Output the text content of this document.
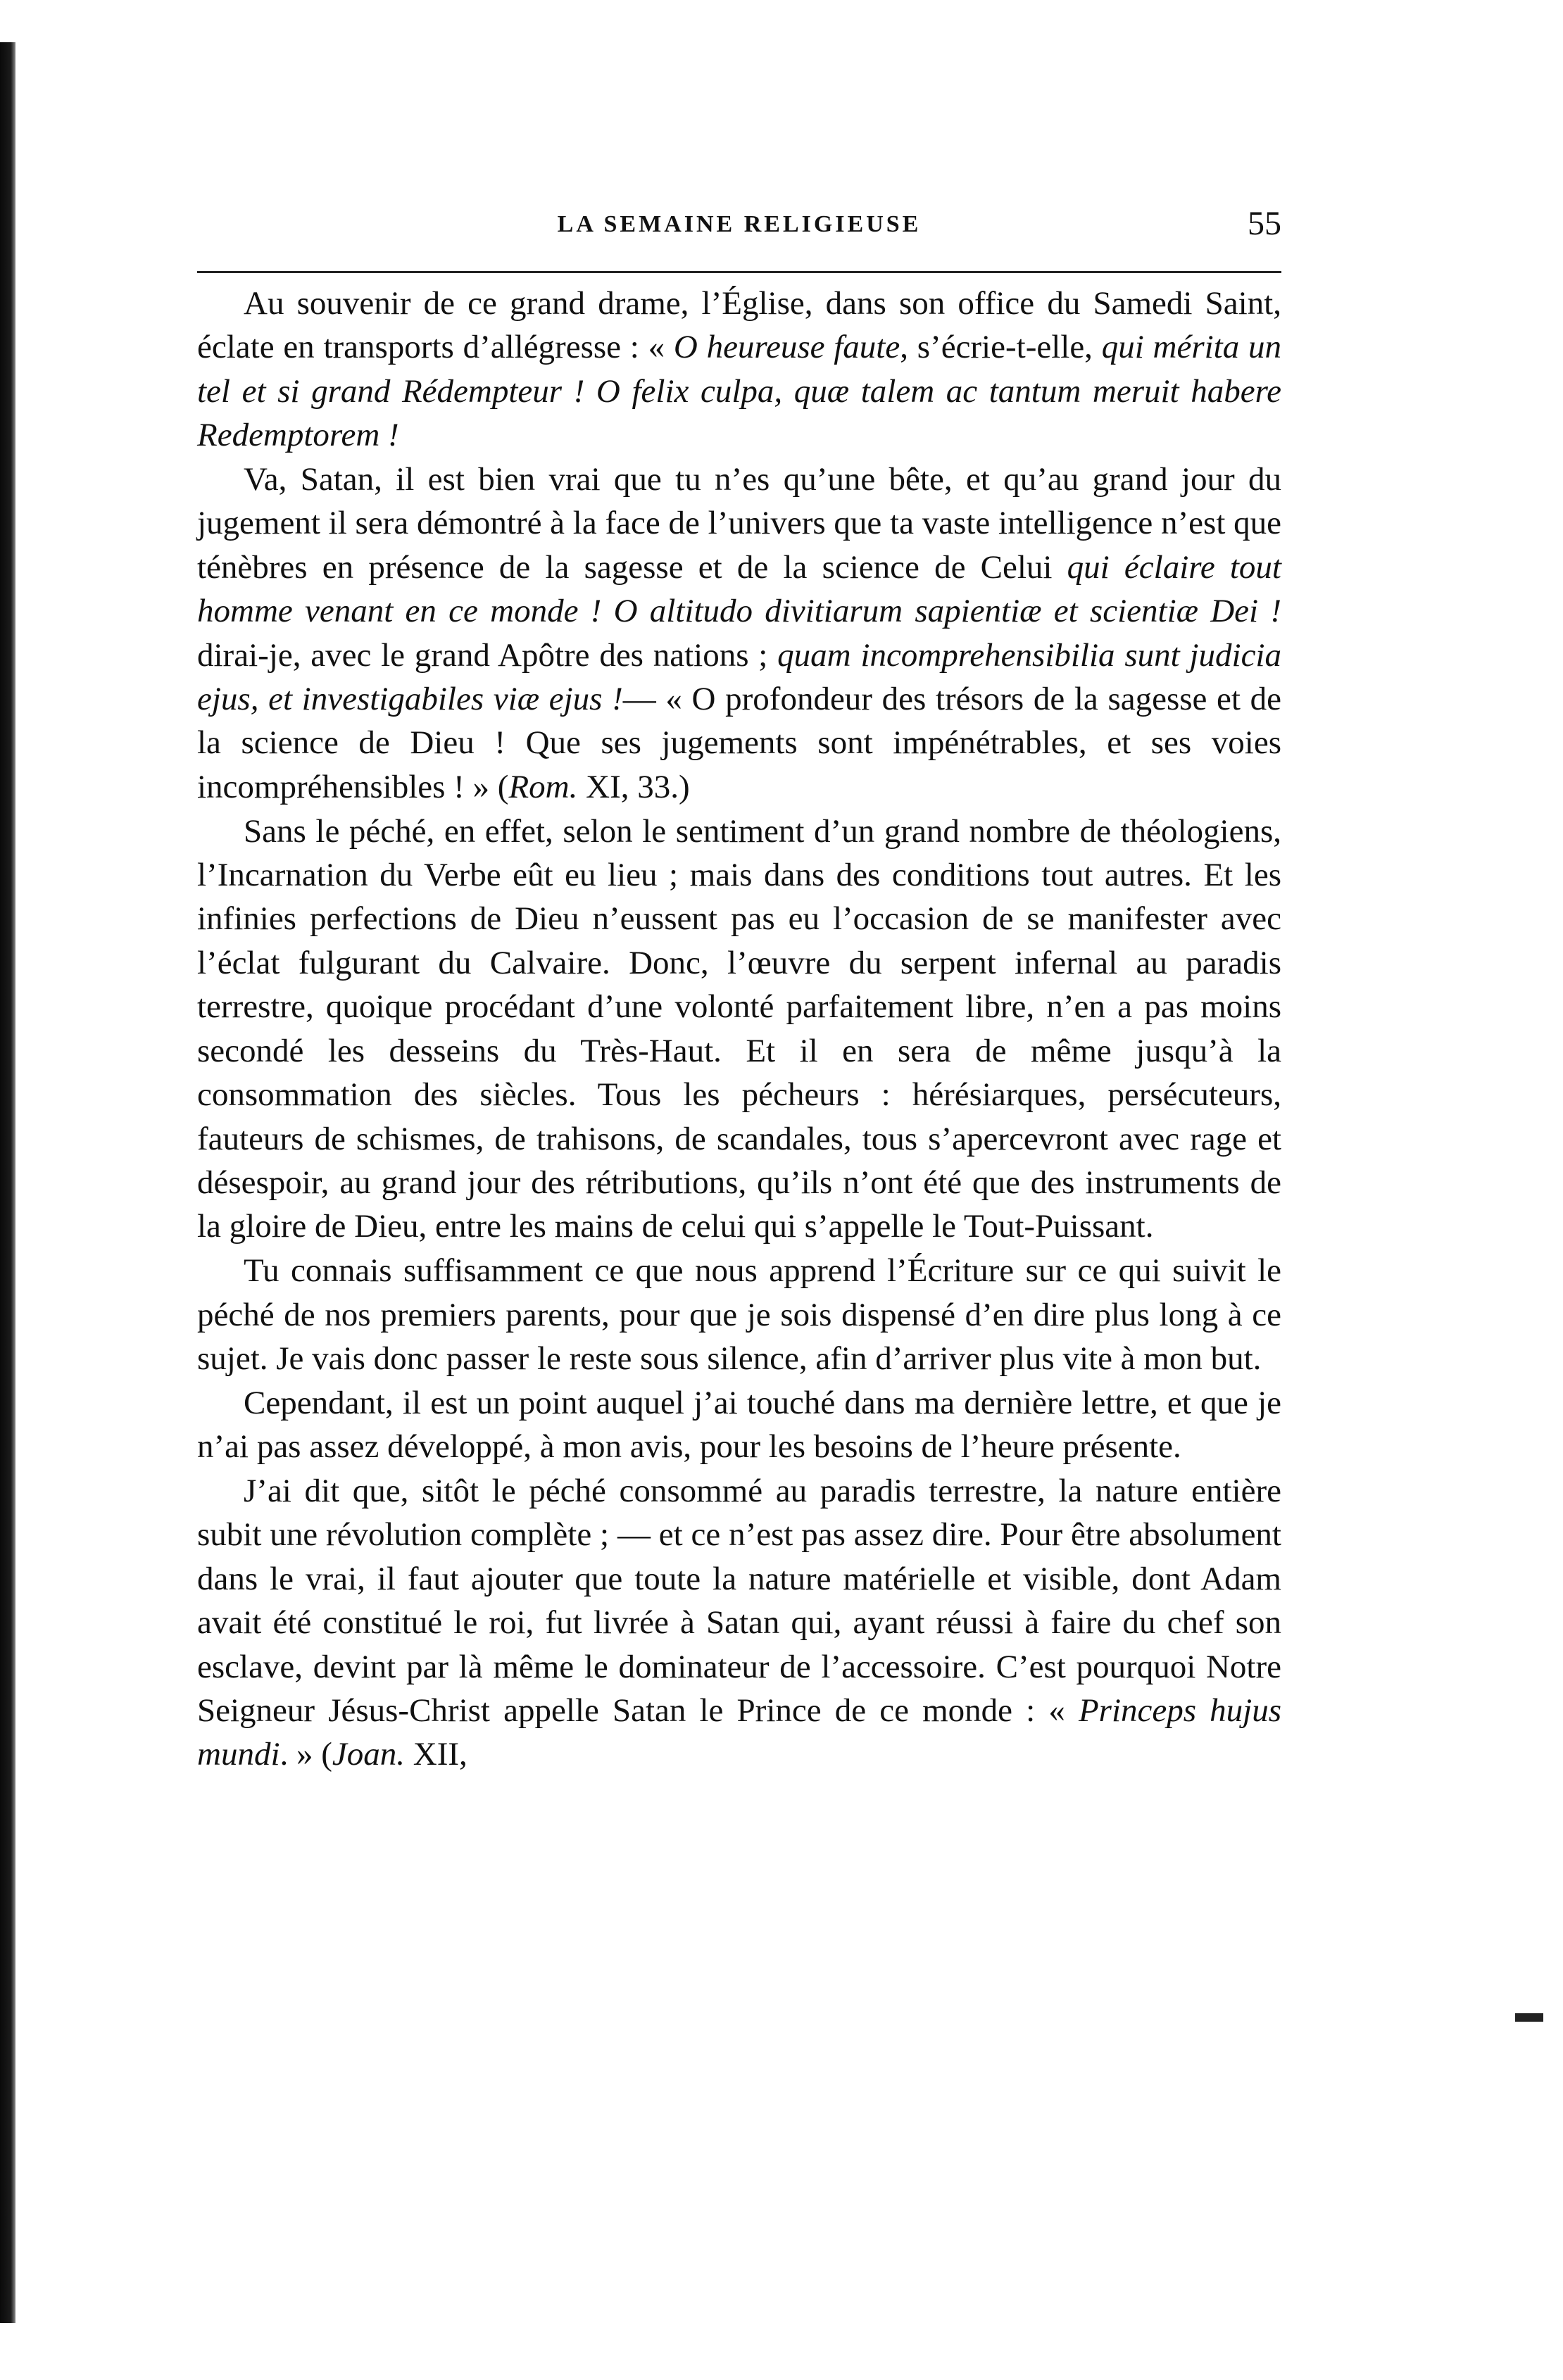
LA SEMAINE RELIGIEUSE	55

Au souvenir de ce grand drame, l’Église, dans son office du Samedi Saint, éclate en transports d’allégresse : « O heureuse faute, s’écrie-t-elle, qui mérita un tel et si grand Rédempteur ! O felix culpa, quæ talem ac tantum meruit habere Redemptorem !

Va, Satan, il est bien vrai que tu n’es qu’une bête, et qu’au grand jour du jugement il sera démontré à la face de l’univers que ta vaste intelligence n’est que ténèbres en présence de la sagesse et de la science de Celui qui éclaire tout homme venant en ce monde ! O altitudo divitiarum sapientiæ et scientiæ Dei ! dirai-je, avec le grand Apôtre des nations ; quam incomprehensibilia sunt judicia ejus, et investigabiles viæ ejus !— « O profondeur des trésors de la sagesse et de la science de Dieu ! Que ses jugements sont impénétrables, et ses voies incompréhensibles ! » (Rom. XI, 33.)

Sans le péché, en effet, selon le sentiment d’un grand nombre de théologiens, l’Incarnation du Verbe eût eu lieu ; mais dans des conditions tout autres. Et les infinies perfections de Dieu n’eussent pas eu l’occasion de se manifester avec l’éclat fulgurant du Calvaire. Donc, l’œuvre du serpent infernal au paradis terrestre, quoique procédant d’une volonté parfaitement libre, n’en a pas moins secondé les desseins du Très-Haut. Et il en sera de même jusqu’à la consommation des siècles. Tous les pécheurs : hérésiarques, persécuteurs, fauteurs de schismes, de trahisons, de scandales, tous s’apercevront avec rage et désespoir, au grand jour des rétributions, qu’ils n’ont été que des instruments de la gloire de Dieu, entre les mains de celui qui s’appelle le Tout-Puissant.

Tu connais suffisamment ce que nous apprend l’Écriture sur ce qui suivit le péché de nos premiers parents, pour que je sois dispensé d’en dire plus long à ce sujet. Je vais donc passer le reste sous silence, afin d’arriver plus vite à mon but.

Cependant, il est un point auquel j’ai touché dans ma dernière lettre, et que je n’ai pas assez développé, à mon avis, pour les besoins de l’heure présente.

J’ai dit que, sitôt le péché consommé au paradis terrestre, la nature entière subit une révolution complète ; — et ce n’est pas assez dire. Pour être absolument dans le vrai, il faut ajouter que toute la nature matérielle et visible, dont Adam avait été constitué le roi, fut livrée à Satan qui, ayant réussi à faire du chef son esclave, devint par là même le dominateur de l’accessoire. C’est pourquoi Notre Seigneur Jésus-Christ appelle Satan le Prince de ce monde : « Princeps hujus mundi. » (Joan. XII,
